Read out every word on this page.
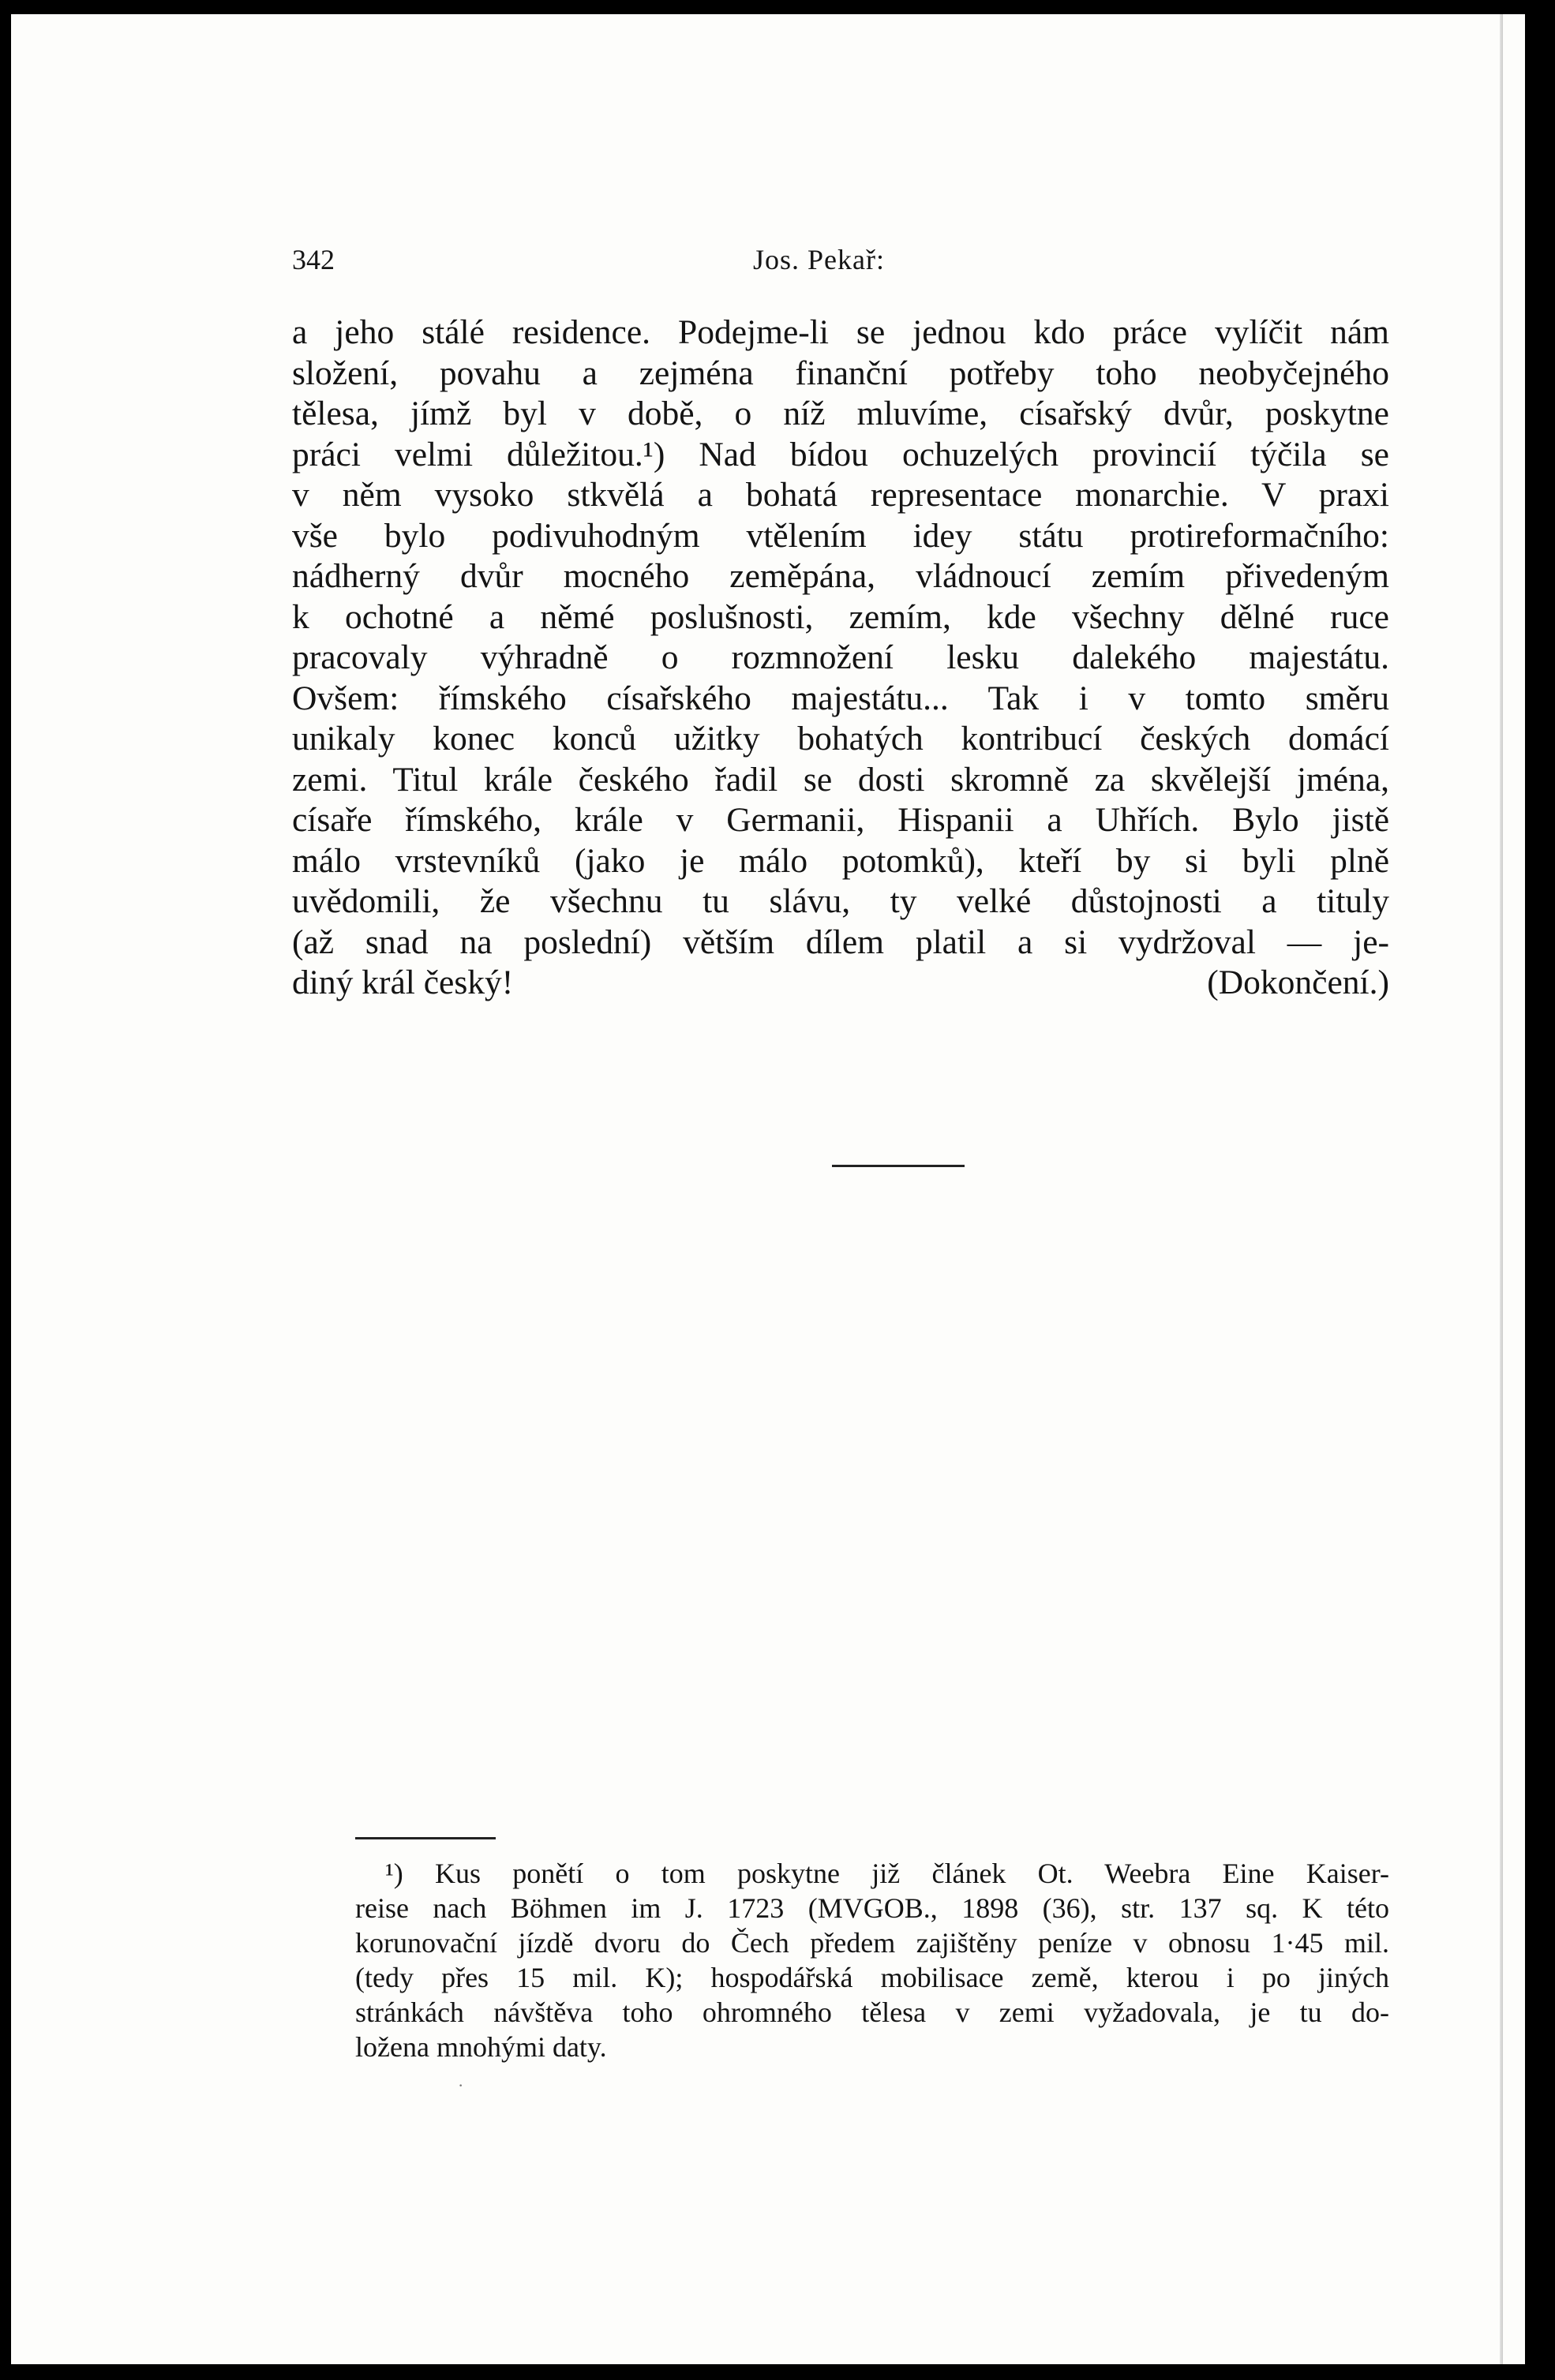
342	Jos. Pekař:
a jeho stálé residence. Podejme-li se jednou kdo práce vylíčit nám
složení, povahu a zejména finanční potřeby toho neobyčejného
tělesa, jímž byl v době, o níž mluvíme, císařský dvůr, poskytne
práci velmi důležitou.¹) Nad bídou ochuzelých provincií týčila se
v něm vysoko stkvělá a bohatá representace monarchie. V praxi
vše bylo podivuhodným vtělením idey státu protireformačního:
nádherný dvůr mocného zeměpána, vládnoucí zemím přivedeným
k ochotné a němé poslušnosti, zemím, kde všechny dělné ruce
pracovaly výhradně o rozmnožení lesku dalekého majestátu.
Ovšem: římského císařského majestátu... Tak i v tomto směru
unikaly konec konců užitky bohatých kontribucí českých domácí
zemi. Titul krále českého řadil se dosti skromně za skvělejší jména,
císaře římského, krále v Germanii, Hispanii a Uhřích. Bylo jistě
málo vrstevníků (jako je málo potomků), kteří by si byli plně
uvědomili, že všechnu tu slávu, ty velké důstojnosti a tituly
(až snad na poslední) větším dílem platil a si vydržoval — je-
diný král český!	(Dokončení.)
¹) Kus ponětí o tom poskytne již článek Ot. Weebra Eine Kaiser-
reise nach Böhmen im J. 1723 (MVGOB., 1898 (36), str. 137 sq. K této
korunovační jízdě dvoru do Čech předem zajištěny peníze v obnosu 1·45 mil.
(tedy přes 15 mil. K); hospodářská mobilisace země, kterou i po jiných
stránkách návštěva toho ohromného tělesa v zemi vyžadovala, je tu do-
ložena mnohými daty.
·
